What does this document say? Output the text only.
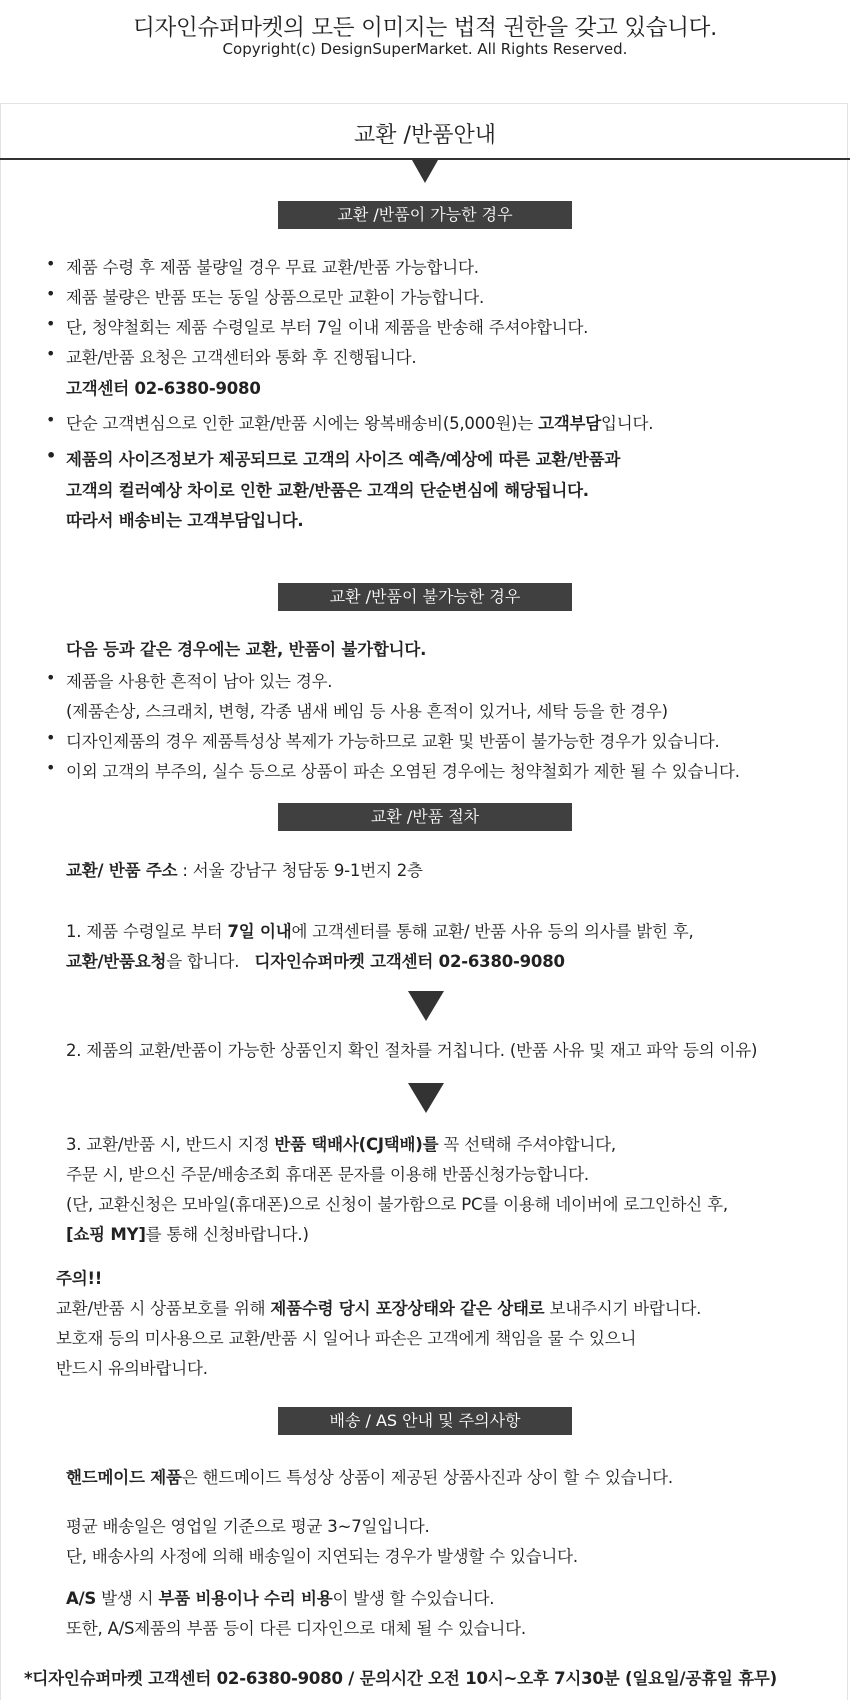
디자인슈퍼마켓의 모든 이미지는 법적 권한을 갖고 있습니다.
Copyright(c) DesignSuperMarket. All Rights Reserved.
교환 /반품안내
교환 /반품이 가능한 경우
• 제품 수령 후 제품 불량일 경우 무료 교환/반품 가능합니다.
• 제품 불량은 반품 또는 동일 상품으로만 교환이 가능합니다.
• 단, 청약철회는 제품 수령일로 부터 7일 이내 제품을 반송해 주셔야합니다.
• 교환/반품 요청은 고객센터와 통화 후 진행됩니다.
고객센터 02-6380-9080
• 단순 고객변심으로 인한 교환/반품 시에는 왕복배송비(5,000원)는 고객부담입니다.
• 제품의 사이즈정보가 제공되므로 고객의 사이즈 예측/예상에 따른 교환/반품과
고객의 컬러예상 차이로 인한 교환/반품은 고객의 단순변심에 해당됩니다.
따라서 배송비는 고객부담입니다.
교환 /반품이 불가능한 경우
다음 등과 같은 경우에는 교환, 반품이 불가합니다.
• 제품을 사용한 흔적이 남아 있는 경우.
(제품손상, 스크래치, 변형, 각종 냄새 베임 등 사용 흔적이 있거나, 세탁 등을 한 경우)
• 디자인제품의 경우 제품특성상 복제가 가능하므로 교환 및 반품이 불가능한 경우가 있습니다.
• 이외 고객의 부주의, 실수 등으로 상품이 파손 오염된 경우에는 청약철회가 제한 될 수 있습니다.
교환 /반품 절차
교환/ 반품 주소 : 서울 강남구 청담동 9-1번지 2층
1. 제품 수령일로 부터 7일 이내에 고객센터를 통해 교환/ 반품 사유 등의 의사를 밝힌 후,
교환/반품요청을 합니다.   디자인슈퍼마켓 고객센터 02-6380-9080
2. 제품의 교환/반품이 가능한 상품인지 확인 절차를 거칩니다. (반품 사유 및 재고 파악 등의 이유)
3. 교환/반품 시, 반드시 지정 반품 택배사(CJ택배)를 꼭 선택해 주셔야합니다,
주문 시, 받으신 주문/배송조회 휴대폰 문자를 이용해 반품신청가능합니다.
(단, 교환신청은 모바일(휴대폰)으로 신청이 불가함으로 PC를 이용해 네이버에 로그인하신 후,
[쇼핑 MY]를 통해 신청바랍니다.)
주의!!
교환/반품 시 상품보호를 위해 제품수령 당시 포장상태와 같은 상태로 보내주시기 바랍니다.
보호재 등의 미사용으로 교환/반품 시 일어나 파손은 고객에게 책임을 물 수 있으니
반드시 유의바랍니다.
배송 / AS 안내 및 주의사항
핸드메이드 제품은 핸드메이드 특성상 상품이 제공된 상품사진과 상이 할 수 있습니다.
평균 배송일은 영업일 기준으로 평균 3~7일입니다.
단, 배송사의 사정에 의해 배송일이 지연되는 경우가 발생할 수 있습니다.
A/S 발생 시 부품 비용이나 수리 비용이 발생 할 수있습니다.
또한, A/S제품의 부품 등이 다른 디자인으로 대체 될 수 있습니다.
*디자인슈퍼마켓 고객센터 02-6380-9080 / 문의시간 오전 10시~오후 7시30분 (일요일/공휴일 휴무)
